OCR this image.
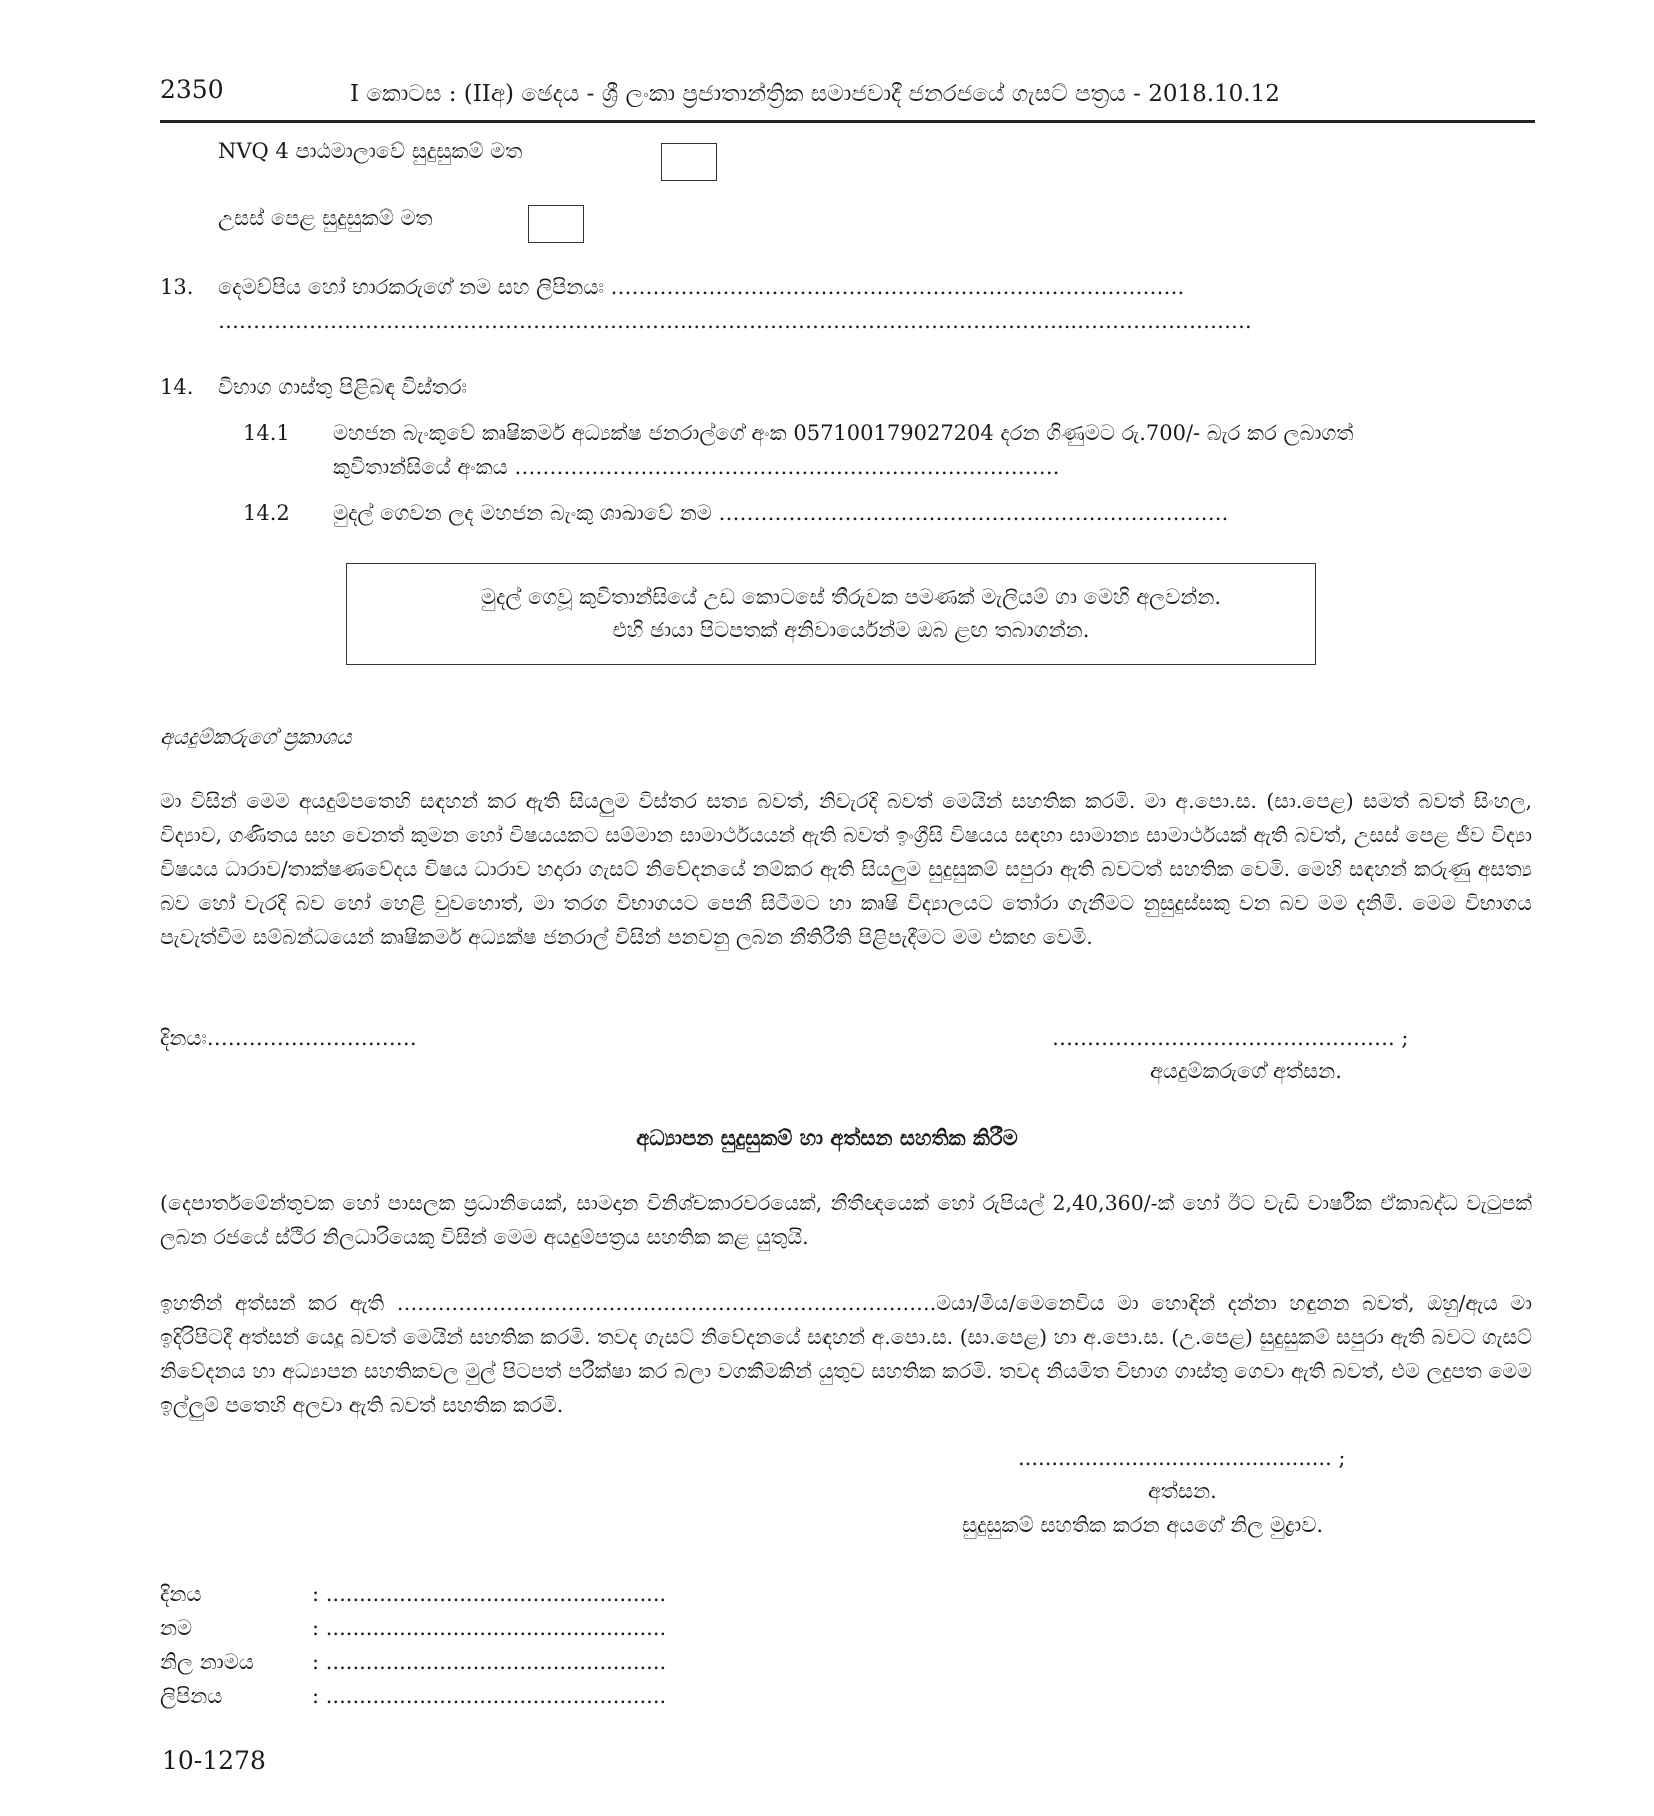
2350	I කොටස : (IIඅ) ඡෙදය - ශ්‍රී ලංකා ප්‍රජාතාන්ත්‍රික සමාජවාදී ජනරජයේ ගැසට් පත්‍රය - 2018.10.12
NVQ 4 පාඨමාලාවේ සුදුසුකම් මත
උසස් පෙළ සුදුසුකම් මත
13. දෙමව්පිය හෝ භාරකරුගේ නම සහ ලිපිනයඃ ……………………………………………………………………….
…………………………………………………………...……………………………………………...…………………….
14. විභාග ගාස්තු පිළිබඳ විස්තරඃ
14.1 මහජන බැංකුවේ කෘෂිකර්ම අධ්‍යක්ෂ ජනරාල්ගේ අංක 057100179027204 දරන ගිණුමට රු.700/- බැර කර ලබාගත්
කුවිතාන්සියේ අංකය ………………………………………..………………………….
14.2 මුදල් ගෙවන ලද මහජන බැංකු ශාඛාවේ නම ………………………………………...…………………….
මුදල් ගෙවූ කුවිතාන්සියේ උඩ කොටසේ තීරුවක පමණක් මැලියම් ගා මෙහි අලවන්න.
එහි ඡායා පිටපතක් අනිවාර්යෙන්ම ඔබ ළඟ තබාගන්න.
අයදුම්කරුගේ ප්‍රකාශය
මා විසින් මෙම අයදුම්පතෙහි සඳහන් කර ඇති සියලුම විස්තර සත්‍ය බවත්, නිවැරදි බවත් මෙයින් සහතික කරමි. මා අ.පො.ස. (සා.පෙළ) සමත් බවත් සිංහල, විද්‍යාව, ගණිතය සහ වෙනත් කුමන හෝ විෂයයකට සම්මාන සාමාර්ථයයන් ඇති බවත් ඉංග්‍රීසි විෂයය සඳහා සාමාන්‍ය සාමාර්ථයක් ඇති බවත්, උසස් පෙළ ජීව විද්‍යා විෂයය ධාරාව/තාක්ෂණවේදය විෂය ධාරාව හදාරා ගැසට් නිවේදනයේ නම්කර ඇති සියලුම සුදුසුකම් සපුරා ඇති බවටත් සහතික වෙමි. මෙහි සඳහන් කරුණු අසත්‍ය බව හෝ වැරදි බව හෝ හෙළි වුවහොත්, මා තරග විභාගයට පෙනී සිටීමට හා කෘෂි විද්‍යාලයට තෝරා ගැනීමට නුසුදුස්සකු වන බව මම දනිමි. මෙම විභාගය පැවැත්වීම සම්බන්ධයෙන් කෘෂිකර්ම අධ්‍යක්ෂ ජනරාල් විසින් පනවනු ලබන නීතිරීති පිළිපැදීමට මම එකඟ වෙමි.
දිනයඃ…………………………	…………………………………………. ;
අයදුම්කරුගේ අත්සන.
අධ්‍යාපන සුදුසුකම් හා අත්සන සහතික කිරීම
(දෙපාර්තමේන්තුවක හෝ පාසලක ප්‍රධානියෙක්, සාමදාන විනිශ්චකාරවරයෙක්, නීතීඥයෙක් හෝ රුපියල් 2,40,360/-ක් හෝ ඊට වැඩි වාර්ෂික ඒකාබද්ධ වැටුපක් ලබන රජයේ ස්ථිර නිලධාරියෙකු විසින් මෙම අයදුම්පත්‍රය සහතික කළ යුතුයි.
ඉහතින් අත්සන් කර ඇති …………………………………………………………………….මයා/මිය/මෙනෙවිය මා හොඳින් දන්නා හඳුනන බවත්, ඔහු/ඇය මා ඉදිරිපිටදී අත්සන් යෙදූ බවත් මෙයින් සහතික කරමි. තවද ගැසට් නිවේදනයේ සඳහන් අ.පො.ස. (සා.පෙළ) හා අ.පො.ස. (උ.පෙළ) සුදුසුකම් සපුරා ඇති බවට ගැසට් නිවේදනය හා අධ්‍යාපන සහතිකවල මුල් පිටපත් පරීක්ෂා කර බලා වගකීමකින් යුතුව සහතික කරමි. තවද නියමිත විභාග ගාස්තු ගෙවා ඇති බවත්, එම ලදුපත මෙම ඉල්ලුම් පතෙහි අලවා ඇති බවත් සහතික කරමි.
............................................... ;
අත්සන.
සුදුසුකම් සහතික කරන අයගේ නිල මුද්‍රාව.
දිනය	: ...................................................
නම	: ...................................................
නිල නාමය	: ...................................................
ලිපිනය	: ...................................................
10-1278
